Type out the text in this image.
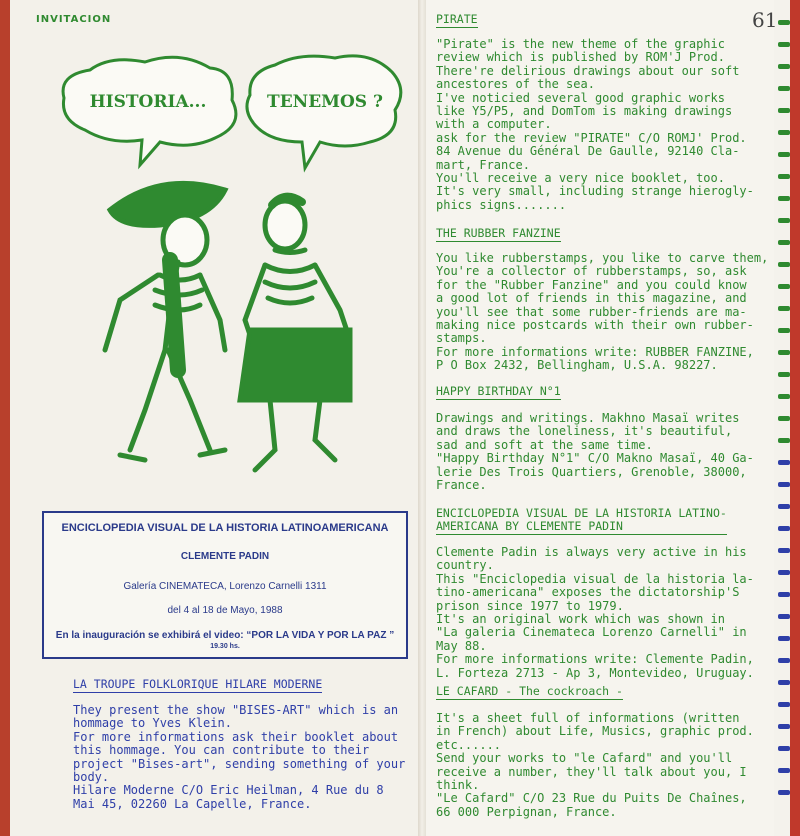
INVITACION	61
HISTORIA...	TENEMOS ?
ENCICLOPEDIA VISUAL DE LA HISTORIA LATINOAMERICANA
CLEMENTE PADIN
Galería CINEMATECA, Lorenzo Carnelli 1311
del 4 al 18 de Mayo, 1988
En la inauguración se exhibirá el video: “POR LA VIDA Y POR LA PAZ ”
19.30 hs.
LA TROUPE FOLKLORIQUE HILARE MODERNE
They present the show "BISES-ART" which is an
hommage to Yves Klein.
For more informations ask their booklet about
this hommage. You can contribute to their
project "Bises-art", sending something of your
body.
Hilare Moderne C/O Eric Heilman, 4 Rue du 8
Mai 45, 02260 La Capelle, France.
PIRATE
"Pirate" is the new theme of the graphic
review which is published by ROM'J Prod.
There're delirious drawings about our soft
ancestores of the sea.
I've noticied several good graphic works
like Y5/P5, and DomTom is making drawings
with a computer.
ask for the review "PIRATE" C/O ROMJ' Prod.
84 Avenue du Général De Gaulle, 92140 Cla-
mart, France.
You'll receive a very nice booklet, too.
It's very small, including strange hierogly-
phics signs.......
THE RUBBER FANZINE
You like rubberstamps, you like to carve them,
You're a collector of rubberstamps, so, ask
for the "Rubber Fanzine" and you could know
a good lot of friends in this magazine, and
you'll see that some rubber-friends are ma-
making nice postcards with their own rubber-
stamps.
For more informations write: RUBBER FANZINE,
P O Box 2432, Bellingham, U.S.A. 98227.
HAPPY BIRTHDAY N°1
Drawings and writings. Makhno Masaï writes
and draws the loneliness, it's beautiful,
sad and soft at the same time.
"Happy Birthday N°1" C/O Makno Masaï, 40 Ga-
lerie Des Trois Quartiers, Grenoble, 38000,
France.
ENCICLOPEDIA VISUAL DE LA HISTORIA LATINO-
AMERICANA BY CLEMENTE PADIN
Clemente Padin is always very active in his
country.
This "Enciclopedia visual de la historia la-
tino-americana" exposes the dictatorship'S
prison since 1977 to 1979.
It's an original work which was shown in
"La galeria Cinemateca Lorenzo Carnelli" in
May 88.
For more informations write: Clemente Padin,
L. Forteza 2713 - Ap 3, Montevideo, Uruguay.
LE CAFARD - The cockroach -
It's a sheet full of informations (written
in French) about Life, Musics, graphic prod.
etc......
Send your works to "le Cafard" and you'll
receive a number, they'll talk about you, I
think.
"Le Cafard" C/O 23 Rue du Puits De Chaînes,
66 000 Perpignan, France.
